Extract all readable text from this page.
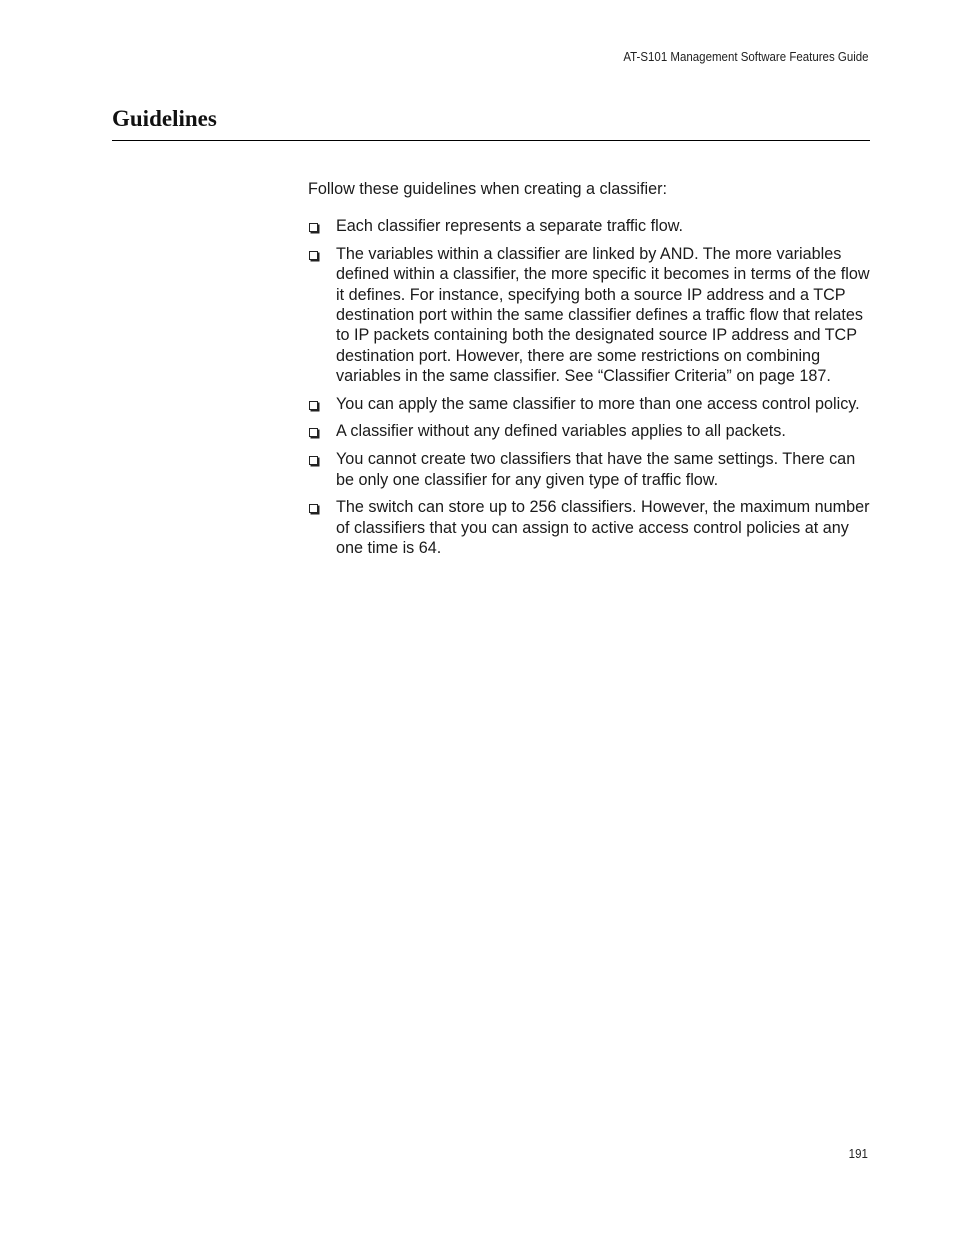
AT-S101 Management Software Features Guide
Guidelines

Follow these guidelines when creating a classifier:

Each classifier represents a separate traffic flow.
The variables within a classifier are linked by AND. The more variables defined within a classifier, the more specific it becomes in terms of the flow it defines. For instance, specifying both a source IP address and a TCP destination port within the same classifier defines a traffic flow that relates to IP packets containing both the designated source IP address and TCP destination port. However, there are some restrictions on combining variables in the same classifier. See “Classifier Criteria” on page 187.
You can apply the same classifier to more than one access control policy.
A classifier without any defined variables applies to all packets.
You cannot create two classifiers that have the same settings. There can be only one classifier for any given type of traffic flow.
The switch can store up to 256 classifiers. However, the maximum number of classifiers that you can assign to active access control policies at any one time is 64.
191
